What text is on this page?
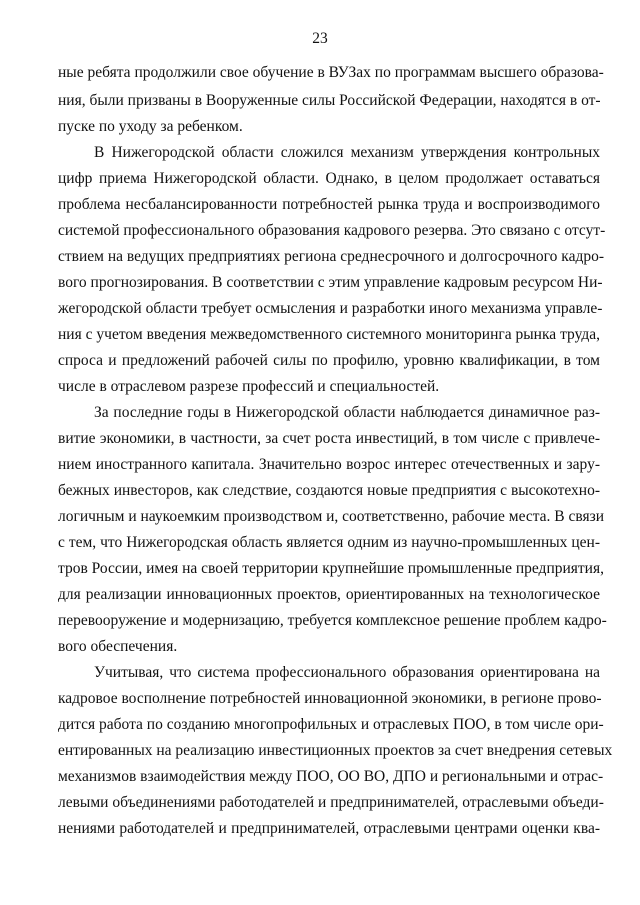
23
ные ребята продолжили свое обучение в ВУЗах по программам высшего образова-
ния, были призваны в Вооруженные силы Российской Федерации, находятся в от-
пуске по уходу за ребенком.
В Нижегородской области сложился механизм утверждения контрольных
цифр приема Нижегородской области. Однако, в целом продолжает оставаться
проблема несбалансированности потребностей рынка труда и воспроизводимого
системой профессионального образования кадрового резерва. Это связано с отсут-
ствием на ведущих предприятиях региона среднесрочного и долгосрочного кадро-
вого прогнозирования. В соответствии с этим управление кадровым ресурсом Ни-
жегородской области требует осмысления и разработки иного механизма управле-
ния с учетом введения межведомственного системного мониторинга рынка труда,
спроса и предложений рабочей силы по профилю, уровню квалификации, в том
числе в отраслевом разрезе профессий и специальностей.
За последние годы в Нижегородской области наблюдается динамичное раз-
витие экономики, в частности, за счет роста инвестиций, в том числе с привлече-
нием иностранного капитала. Значительно возрос интерес отечественных и зару-
бежных инвесторов, как следствие, создаются новые предприятия с высокотехно-
логичным и наукоемким производством и, соответственно, рабочие места. В связи
с тем, что Нижегородская область является одним из научно-промышленных цен-
тров России, имея на своей территории крупнейшие промышленные предприятия,
для реализации инновационных проектов, ориентированных на технологическое
перевооружение и модернизацию, требуется комплексное решение проблем кадро-
вого обеспечения.
Учитывая, что система профессионального образования ориентирована на
кадровое восполнение потребностей инновационной экономики, в регионе прово-
дится работа по созданию многопрофильных и отраслевых ПОО, в том числе ори-
ентированных на реализацию инвестиционных проектов за счет внедрения сетевых
механизмов взаимодействия между ПОО, ОО ВО, ДПО и региональными и отрас-
левыми объединениями работодателей и предпринимателей, отраслевыми объеди-
нениями работодателей и предпринимателей, отраслевыми центрами оценки ква-
